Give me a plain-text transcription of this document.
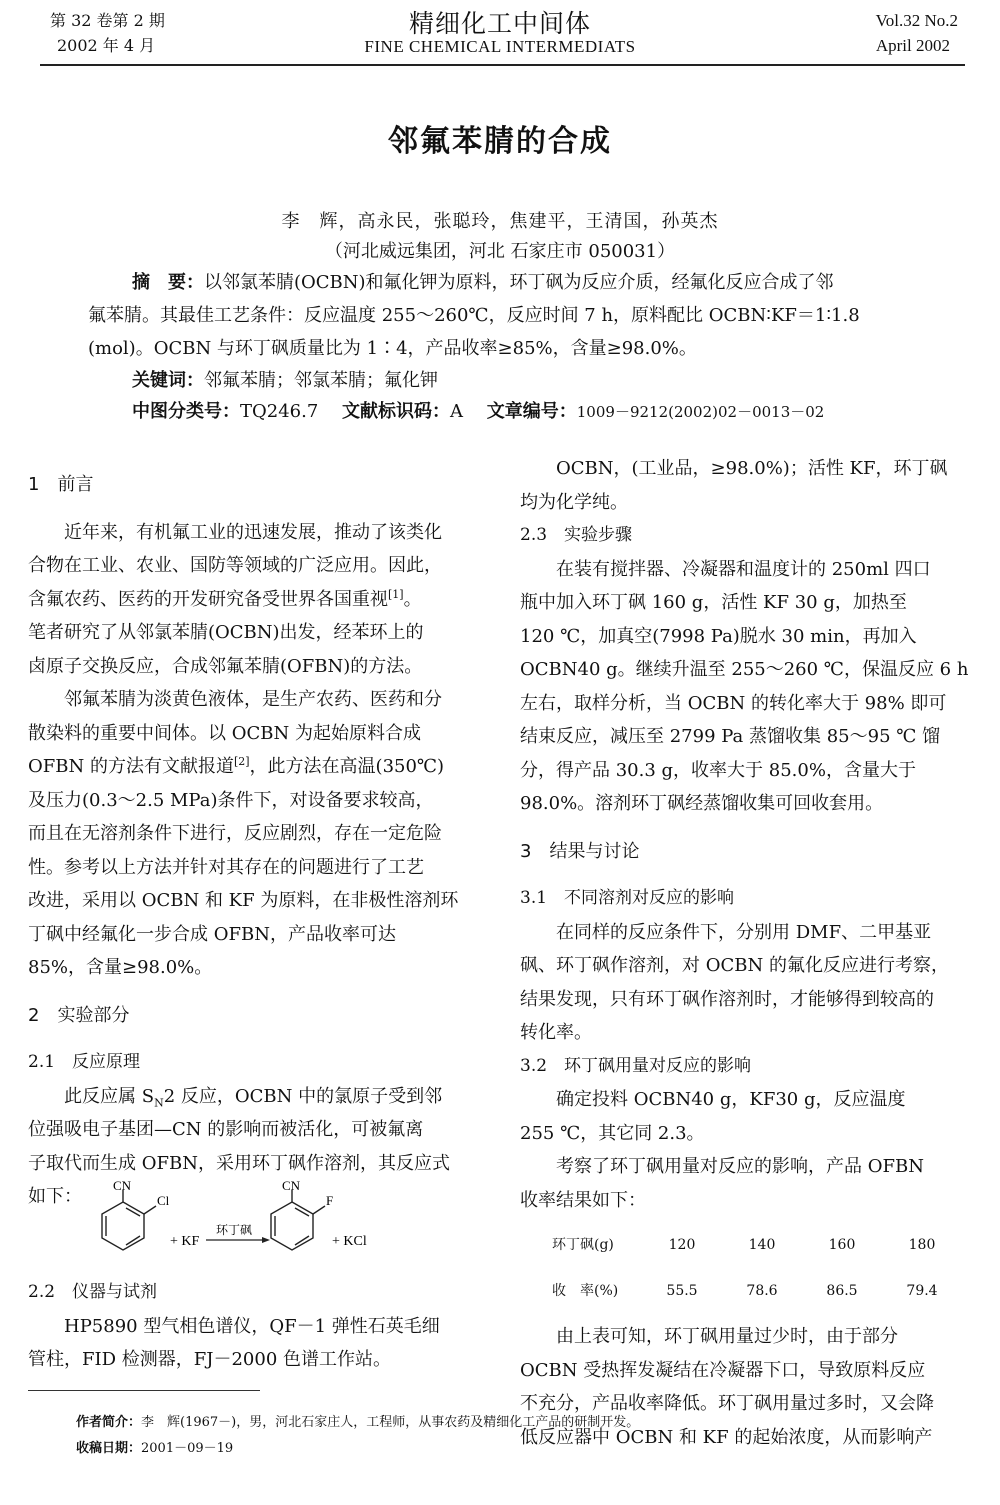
第 32 卷第 2 期
2002 年 4 月
精细化工中间体
FINE CHEMICAL INTERMEDIATS
Vol.32 No.2
April 2002
邻氟苯腈的合成
李　辉，高永民，张聪玲，焦建平，王清国，孙英杰
（河北威远集团，河北 石家庄市 050031）
摘　要：以邻氯苯腈(OCBN)和氟化钾为原料，环丁砜为反应介质，经氟化反应合成了邻
氟苯腈。其最佳工艺条件：反应温度 255～260℃，反应时间 7 h，原料配比 OCBN∶KF＝1∶1.8
(mol)。OCBN 与环丁砜质量比为 1∶4，产品收率≥85%，含量≥98.0%。
关键词：邻氟苯腈；邻氯苯腈；氟化钾
中图分类号：TQ246.7 文献标识码：A 文章编号：1009－9212(2002)02－0013－02
1　前言

近年来，有机氟工业的迅速发展，推动了该类化

合物在工业、农业、国防等领域的广泛应用。因此，
含氟农药、医药的开发研究备受世界各国重视[1]。
笔者研究了从邻氯苯腈(OCBN)出发，经苯环上的
卤原子交换反应，合成邻氟苯腈(OFBN)的方法。

邻氟苯腈为淡黄色液体，是生产农药、医药和分

散染料的重要中间体。以 OCBN 为起始原料合成
OFBN 的方法有文献报道[2]，此方法在高温(350℃)
及压力(0.3～2.5 MPa)条件下，对设备要求较高，
而且在无溶剂条件下进行，反应剧烈，存在一定危险
性。参考以上方法并针对其存在的问题进行了工艺
改进，采用以 OCBN 和 KF 为原料，在非极性溶剂环
丁砜中经氟化一步合成 OFBN，产品收率可达
85%，含量≥98.0%。
2　实验部分
2.1　反应原理

此反应属 $S_N2$ 反应，OCBN 中的氯原子受到邻

位强吸电子基团—CN 的影响而被活化，可被氟离
子取代而生成 OFBN，采用环丁砜作溶剂，其反应式
如下：
CN
Cl
+ KF
环丁砜
CN
F
+ KCl
2.2　仪器与试剂

HP5890 型气相色谱仪，QF－1 弹性石英毛细

管柱，FID 检测器，FJ－2000 色谱工作站。

OCBN，(工业品，≥98.0%)；活性 KF，环丁砜

均为化学纯。
2.3　实验步骤

在装有搅拌器、冷凝器和温度计的 250ml 四口

瓶中加入环丁砜 160 g，活性 KF 30 g，加热至
120 ℃，加真空(7998 Pa)脱水 30 min，再加入
OCBN40 g。继续升温至 255～260 ℃，保温反应 6 h
左右，取样分析，当 OCBN 的转化率大于 98% 即可
结束反应，减压至 2799 Pa 蒸馏收集 85～95 ℃ 馏
分，得产品 30.3 g，收率大于 85.0%，含量大于
98.0%。溶剂环丁砜经蒸馏收集可回收套用。
3　结果与讨论
3.1　不同溶剂对反应的影响

在同样的反应条件下，分别用 DMF、二甲基亚

砜、环丁砜作溶剂，对 OCBN 的氟化反应进行考察，
结果发现，只有环丁砜作溶剂时，才能够得到较高的
转化率。
3.2　环丁砜用量对反应的影响

确定投料 OCBN40 g，KF30 g，反应温度

255 ℃，其它同 2.3。

考察了环丁砜用量对反应的影响，产品 OFBN

收率结果如下：
环丁砜(g)	120	140	160	180
收　率(%)	55.5	78.6	86.5	79.4

由上表可知，环丁砜用量过少时，由于部分

OCBN 受热挥发凝结在冷凝器下口，导致原料反应
不充分，产品收率降低。环丁砜用量过多时，又会降
低反应器中 OCBN 和 KF 的起始浓度，从而影响产
作者简介：李　辉(1967－)，男，河北石家庄人，工程师，从事农药及精细化工产品的研制开发。
收稿日期：2001－09－19
